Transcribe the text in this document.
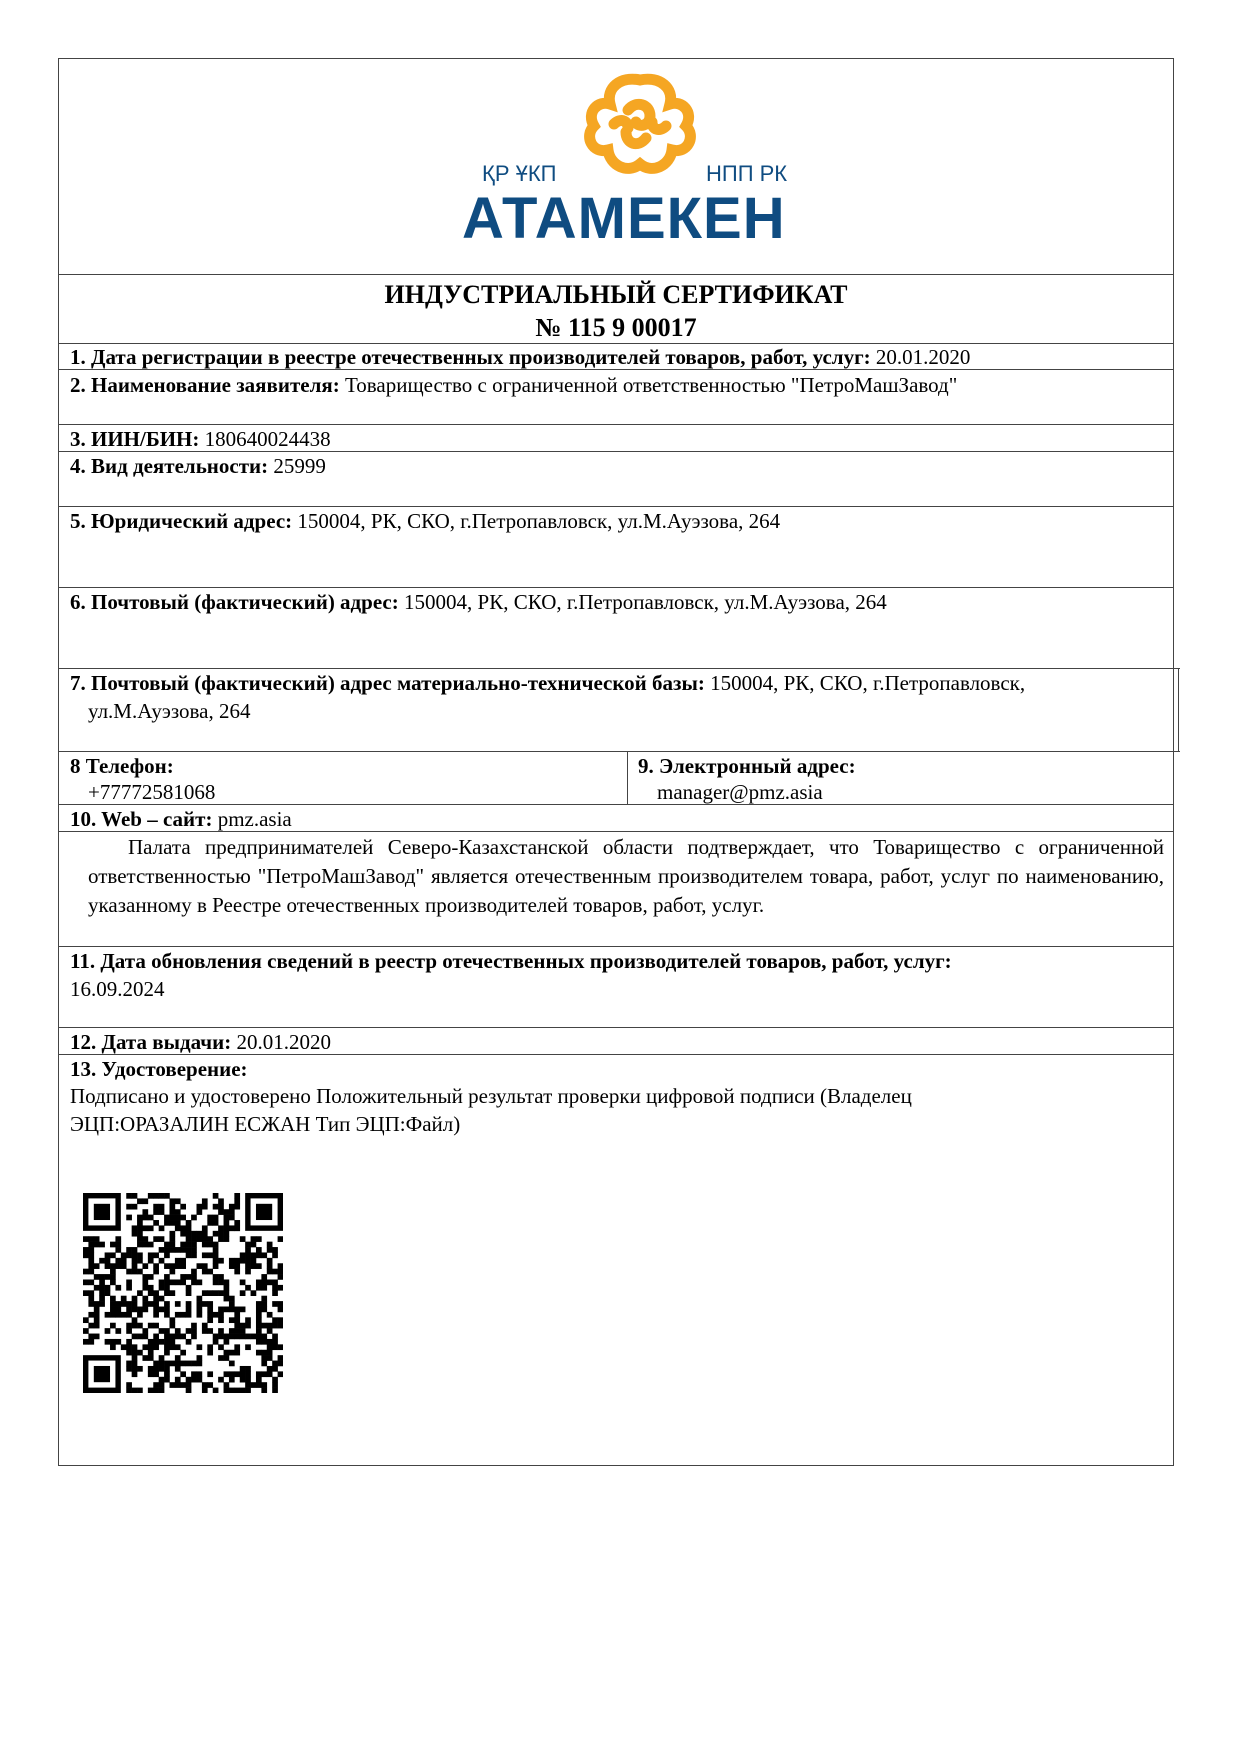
ҚР ҰКП	НПП РК
АТАМЕКЕН
ИНДУСТРИАЛЬНЫЙ СЕРТИФИКАТ
№ 115 9 00017
1. Дата регистрации в реестре отечественных производителей товаров, работ, услуг: 20.01.2020
2. Наименование заявителя: Товарищество с ограниченной ответственностью "ПетроМашЗавод"
3. ИИН/БИН: 180640024438
4. Вид деятельности: 25999
5. Юридический адрес: 150004, РК, СКО, г.Петропавловск, ул.М.Ауэзова, 264
6. Почтовый (фактический) адрес: 150004, РК, СКО, г.Петропавловск, ул.М.Ауэзова, 264
7. Почтовый (фактический) адрес материально-технической базы: 150004, РК, СКО, г.Петропавловск,
ул.М.Ауэзова, 264
8 Телефон:
+77772581068
9. Электронный адрес:
manager@pmz.asia
10. Web – сайт: pmz.asia
Палата предпринимателей Северо-Казахстанской области подтверждает, что Товарищество с ограниченной ответственностью "ПетроМашЗавод" является отечественным производителем товара, работ, услуг по наименованию, указанному в Реестре отечественных производителей товаров, работ, услуг.
11. Дата обновления сведений в реестр отечественных производителей товаров, работ, услуг:
16.09.2024
12. Дата выдачи: 20.01.2020
13. Удостоверение:
Подписано и удостоверено Положительный результат проверки цифровой подписи (Владелец
ЭЦП:ОРАЗАЛИН ЕСЖАН Тип ЭЦП:Файл)
